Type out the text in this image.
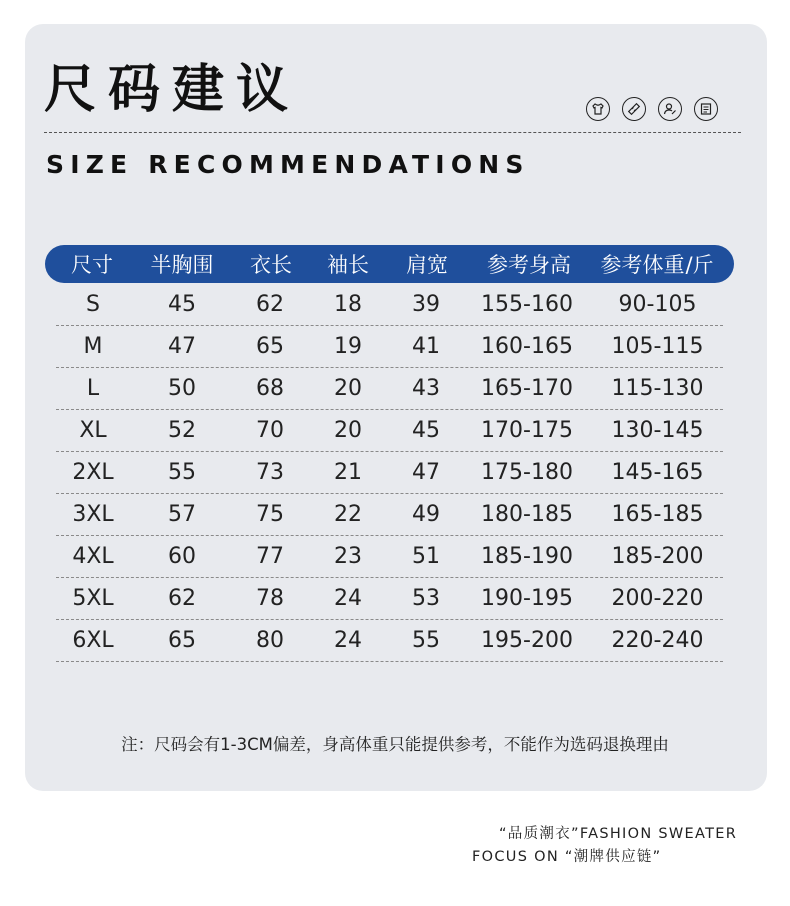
尺码建议
SIZE RECOMMENDATIONS
尺寸	半胸围	衣长	袖长	肩宽	参考身高	参考体重/斤
S	45	62	18	39	155-160	90-105
M	47	65	19	41	160-165	105-115
L	50	68	20	43	165-170	115-130
XL	52	70	20	45	170-175	130-145
2XL	55	73	21	47	175-180	145-165
3XL	57	75	22	49	180-185	165-185
4XL	60	77	23	51	185-190	185-200
5XL	62	78	24	53	190-195	200-220
6XL	65	80	24	55	195-200	220-240
注：尺码会有1-3CM偏差，身高体重只能提供参考，不能作为选码退换理由
“品质潮衣”FASHION SWEATER
FOCUS ON “潮牌供应链”
